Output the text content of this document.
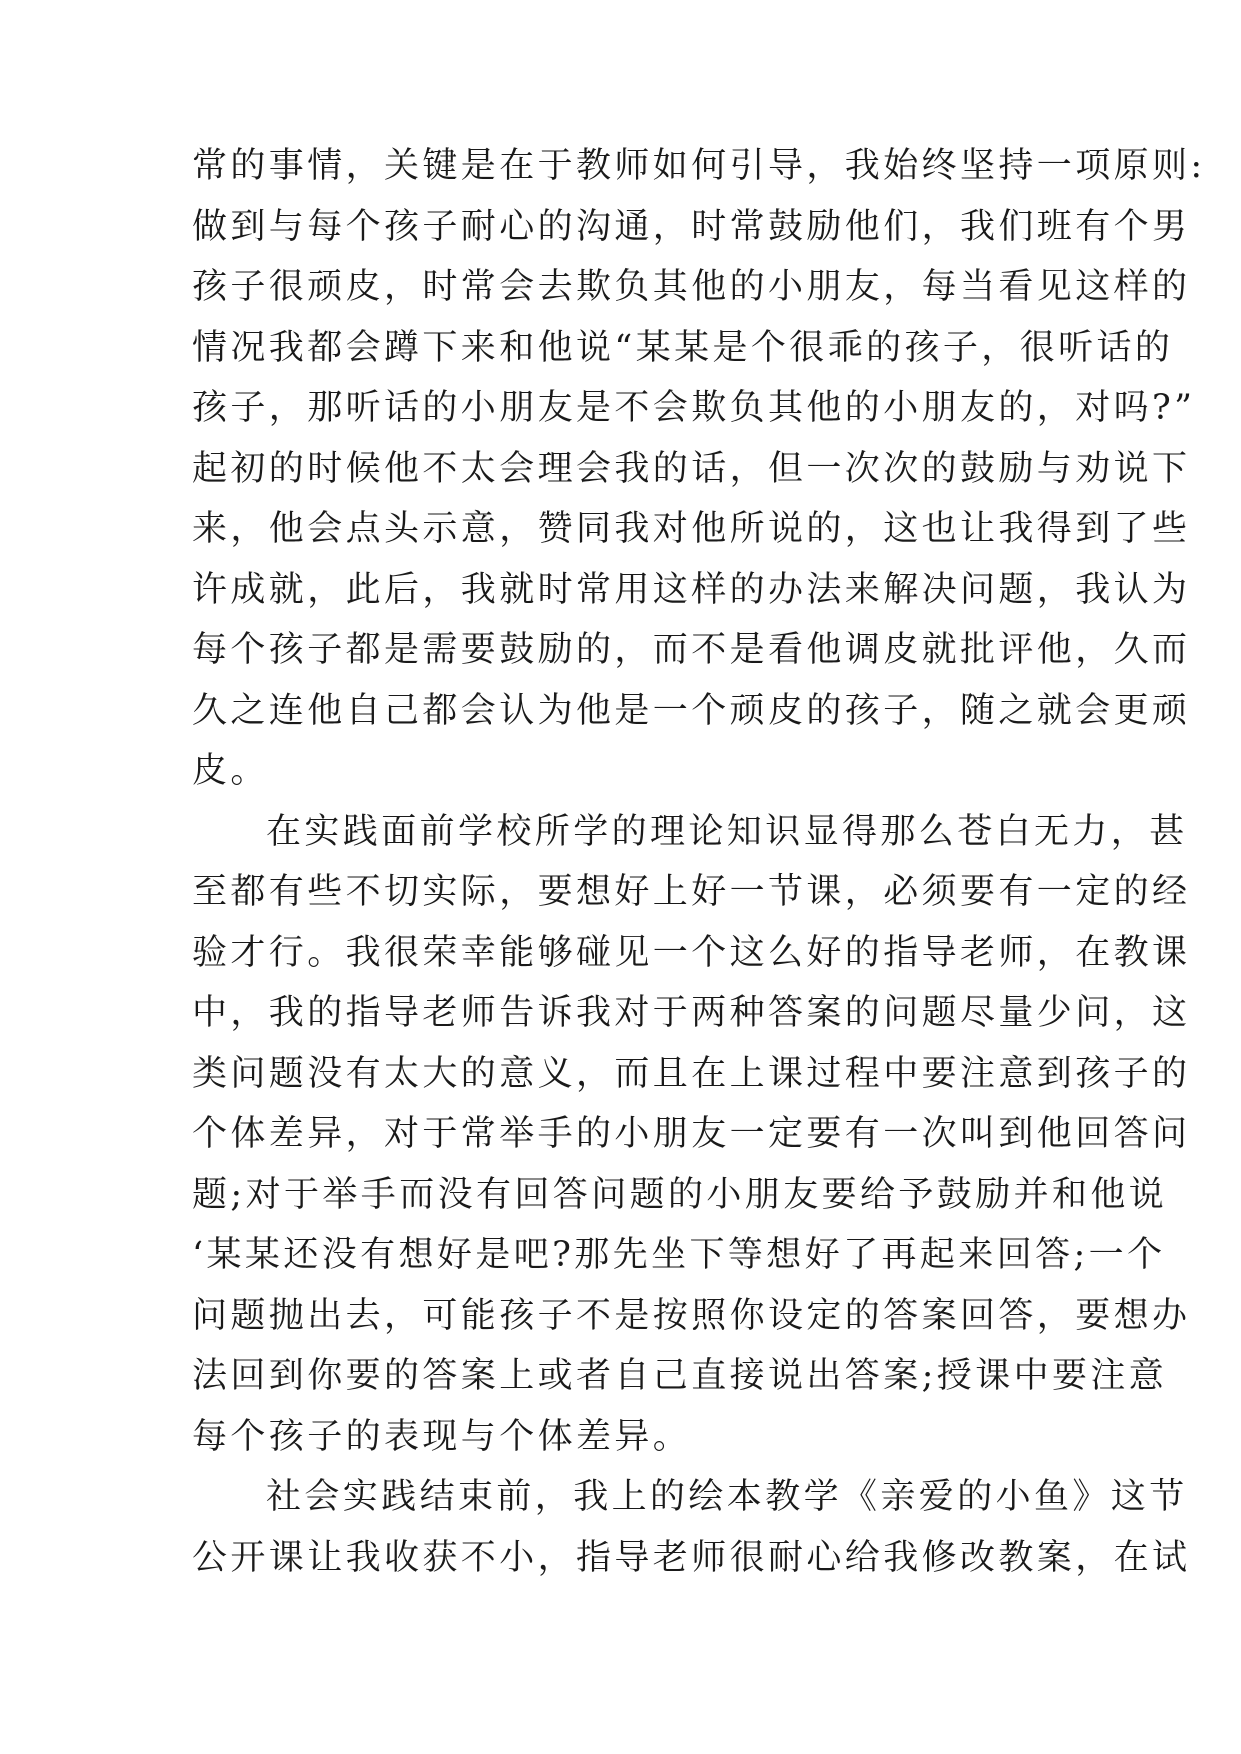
常的事情，关键是在于教师如何引导，我始终坚持一项原则:
做到与每个孩子耐心的沟通，时常鼓励他们，我们班有个男
孩子很顽皮，时常会去欺负其他的小朋友，每当看见这样的
情况我都会蹲下来和他说“某某是个很乖的孩子，很听话的
孩子，那听话的小朋友是不会欺负其他的小朋友的，对吗?”
起初的时候他不太会理会我的话，但一次次的鼓励与劝说下
来，他会点头示意，赞同我对他所说的，这也让我得到了些
许成就，此后，我就时常用这样的办法来解决问题，我认为
每个孩子都是需要鼓励的，而不是看他调皮就批评他，久而
久之连他自己都会认为他是一个顽皮的孩子，随之就会更顽
皮。
在实践面前学校所学的理论知识显得那么苍白无力，甚
至都有些不切实际，要想好上好一节课，必须要有一定的经
验才行。我很荣幸能够碰见一个这么好的指导老师，在教课
中，我的指导老师告诉我对于两种答案的问题尽量少问，这
类问题没有太大的意义，而且在上课过程中要注意到孩子的
个体差异，对于常举手的小朋友一定要有一次叫到他回答问
题;对于举手而没有回答问题的小朋友要给予鼓励并和他说
‘某某还没有想好是吧?那先坐下等想好了再起来回答;一个
问题抛出去，可能孩子不是按照你设定的答案回答，要想办
法回到你要的答案上或者自己直接说出答案;授课中要注意
每个孩子的表现与个体差异。
社会实践结束前，我上的绘本教学《亲爱的小鱼》这节
公开课让我收获不小，指导老师很耐心给我修改教案，在试
